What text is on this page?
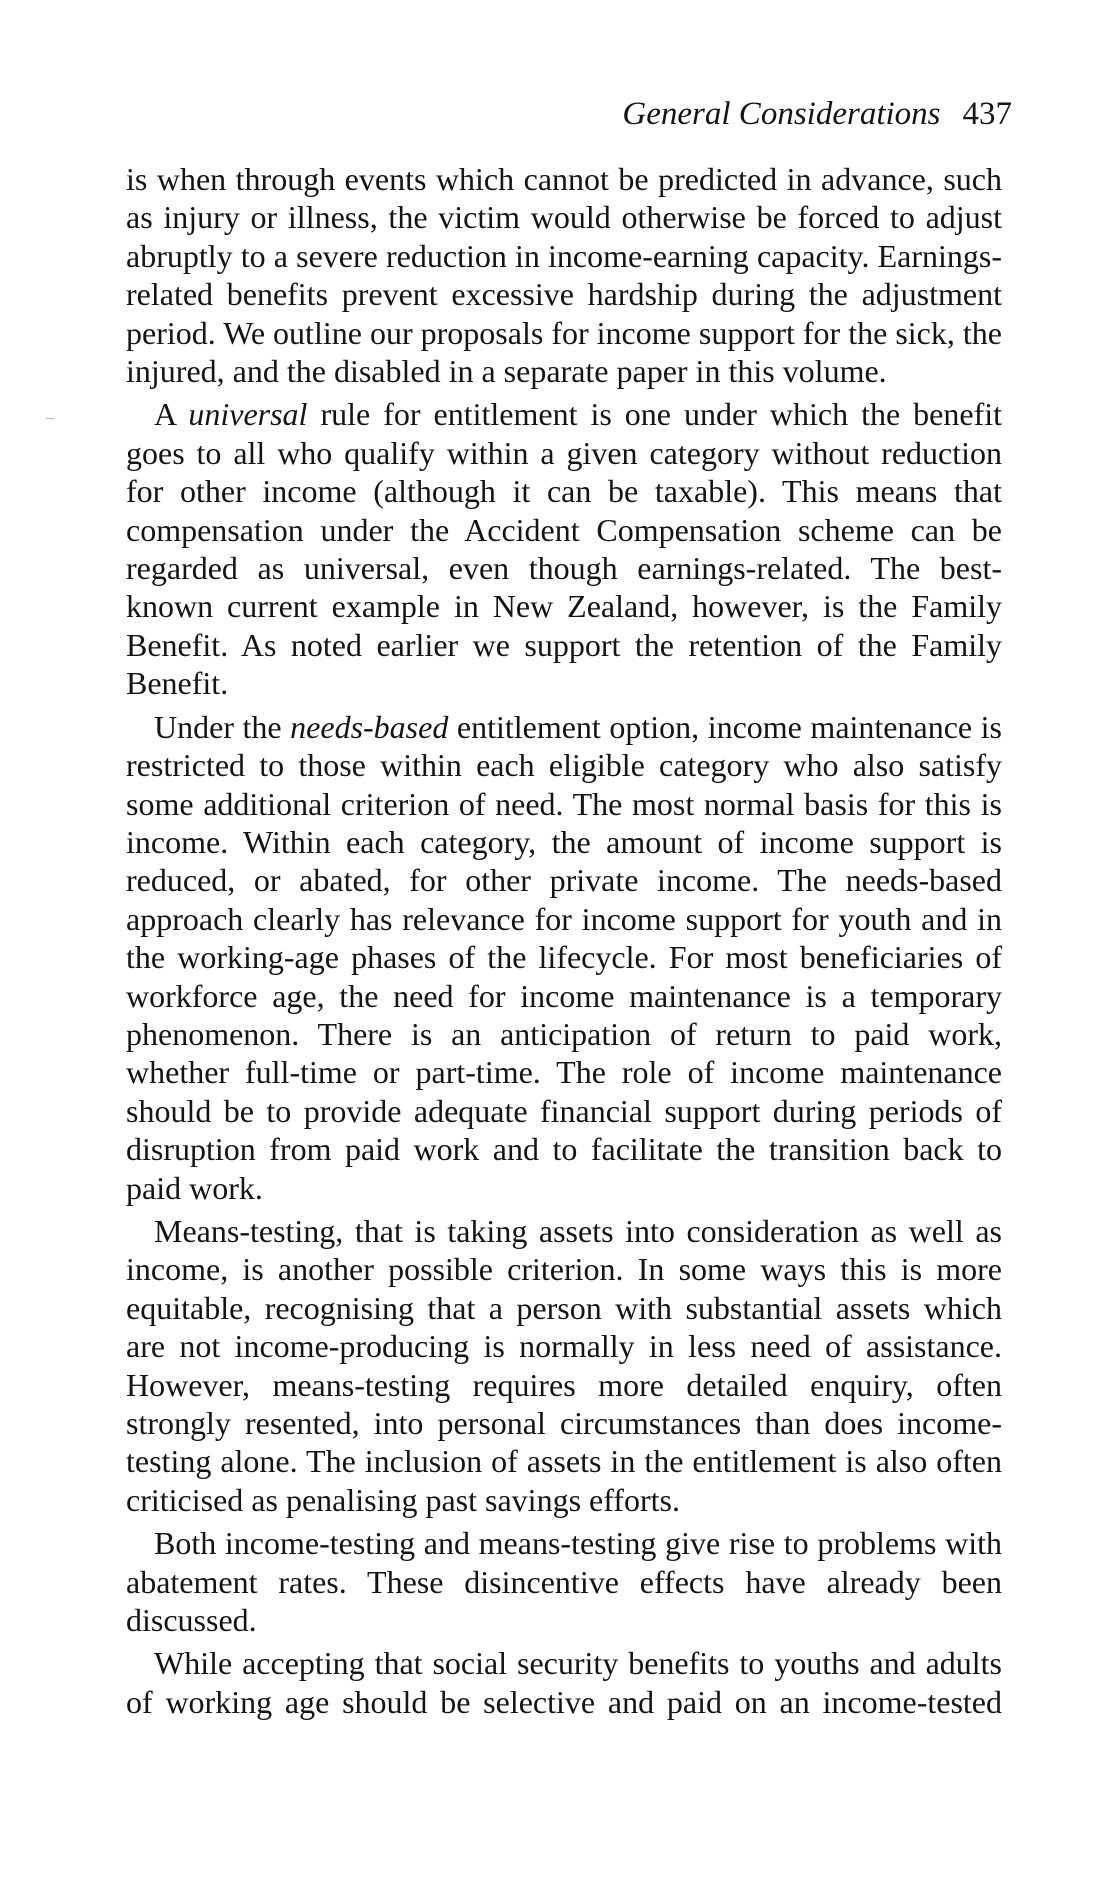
General Considerations 437

is when through events which cannot be predicted in advance, such as injury or illness, the victim would otherwise be forced to adjust abruptly to a severe reduction in income-earning capacity. Earnings-related benefits prevent excessive hardship during the adjustment period. We outline our proposals for income support for the sick, the injured, and the disabled in a separate paper in this volume.

A universal rule for entitlement is one under which the benefit goes to all who qualify within a given category without reduction for other income (although it can be taxable). This means that compensation under the Accident Compensation scheme can be regarded as universal, even though earnings-related. The best-known current example in New Zealand, however, is the Family Benefit. As noted earlier we support the retention of the Family Benefit.

Under the needs-based entitlement option, income maintenance is restricted to those within each eligible category who also satisfy some additional criterion of need. The most normal basis for this is income. Within each category, the amount of income support is reduced, or abated, for other private income. The needs-based approach clearly has relevance for income support for youth and in the working-age phases of the lifecycle. For most beneficiaries of workforce age, the need for income maintenance is a temporary phenomenon. There is an anticipation of return to paid work, whether full-time or part-time. The role of income maintenance should be to provide adequate financial support during periods of disruption from paid work and to facilitate the transition back to paid work.

Means-testing, that is taking assets into consideration as well as income, is another possible criterion. In some ways this is more equitable, recognising that a person with substantial assets which are not income-producing is normally in less need of assistance. However, means-testing requires more detailed enquiry, often strongly resented, into personal circumstances than does income-testing alone. The inclusion of assets in the entitlement is also often criticised as penalising past savings efforts.

Both income-testing and means-testing give rise to problems with abatement rates. These disincentive effects have already been discussed.

While accepting that social security benefits to youths and adults of working age should be selective and paid on an income-tested
